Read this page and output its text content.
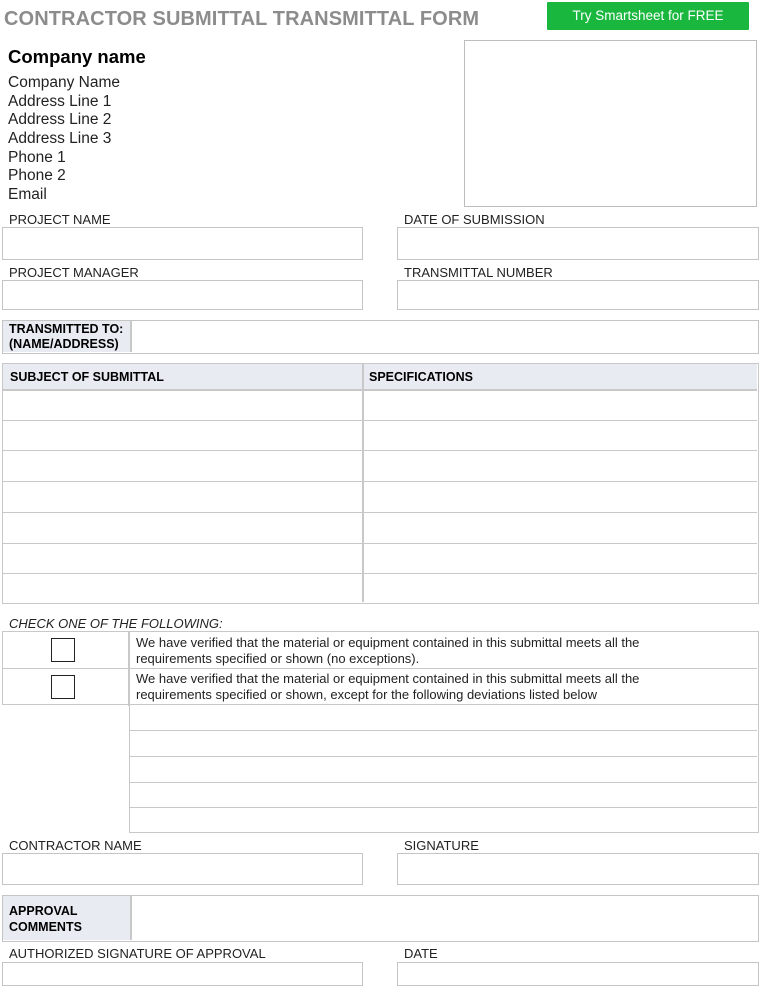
CONTRACTOR SUBMITTAL TRANSMITTAL FORM	Try Smartsheet for FREE
Company name
Company Name
Address Line 1
Address Line 2
Address Line 3
Phone 1
Phone 2
Email
PROJECT NAME	DATE OF SUBMISSION
PROJECT MANAGER	TRANSMITTAL NUMBER
TRANSMITTED TO:
(NAME/ADDRESS)
SUBJECT OF SUBMITTAL	SPECIFICATIONS
CHECK ONE OF THE FOLLOWING:
We have verified that the material or equipment contained in this submittal meets all the
requirements specified or shown (no exceptions).
We have verified that the material or equipment contained in this submittal meets all the
requirements specified or shown, except for the following deviations listed below
CONTRACTOR NAME	SIGNATURE
APPROVAL
COMMENTS
AUTHORIZED SIGNATURE OF APPROVAL	DATE
